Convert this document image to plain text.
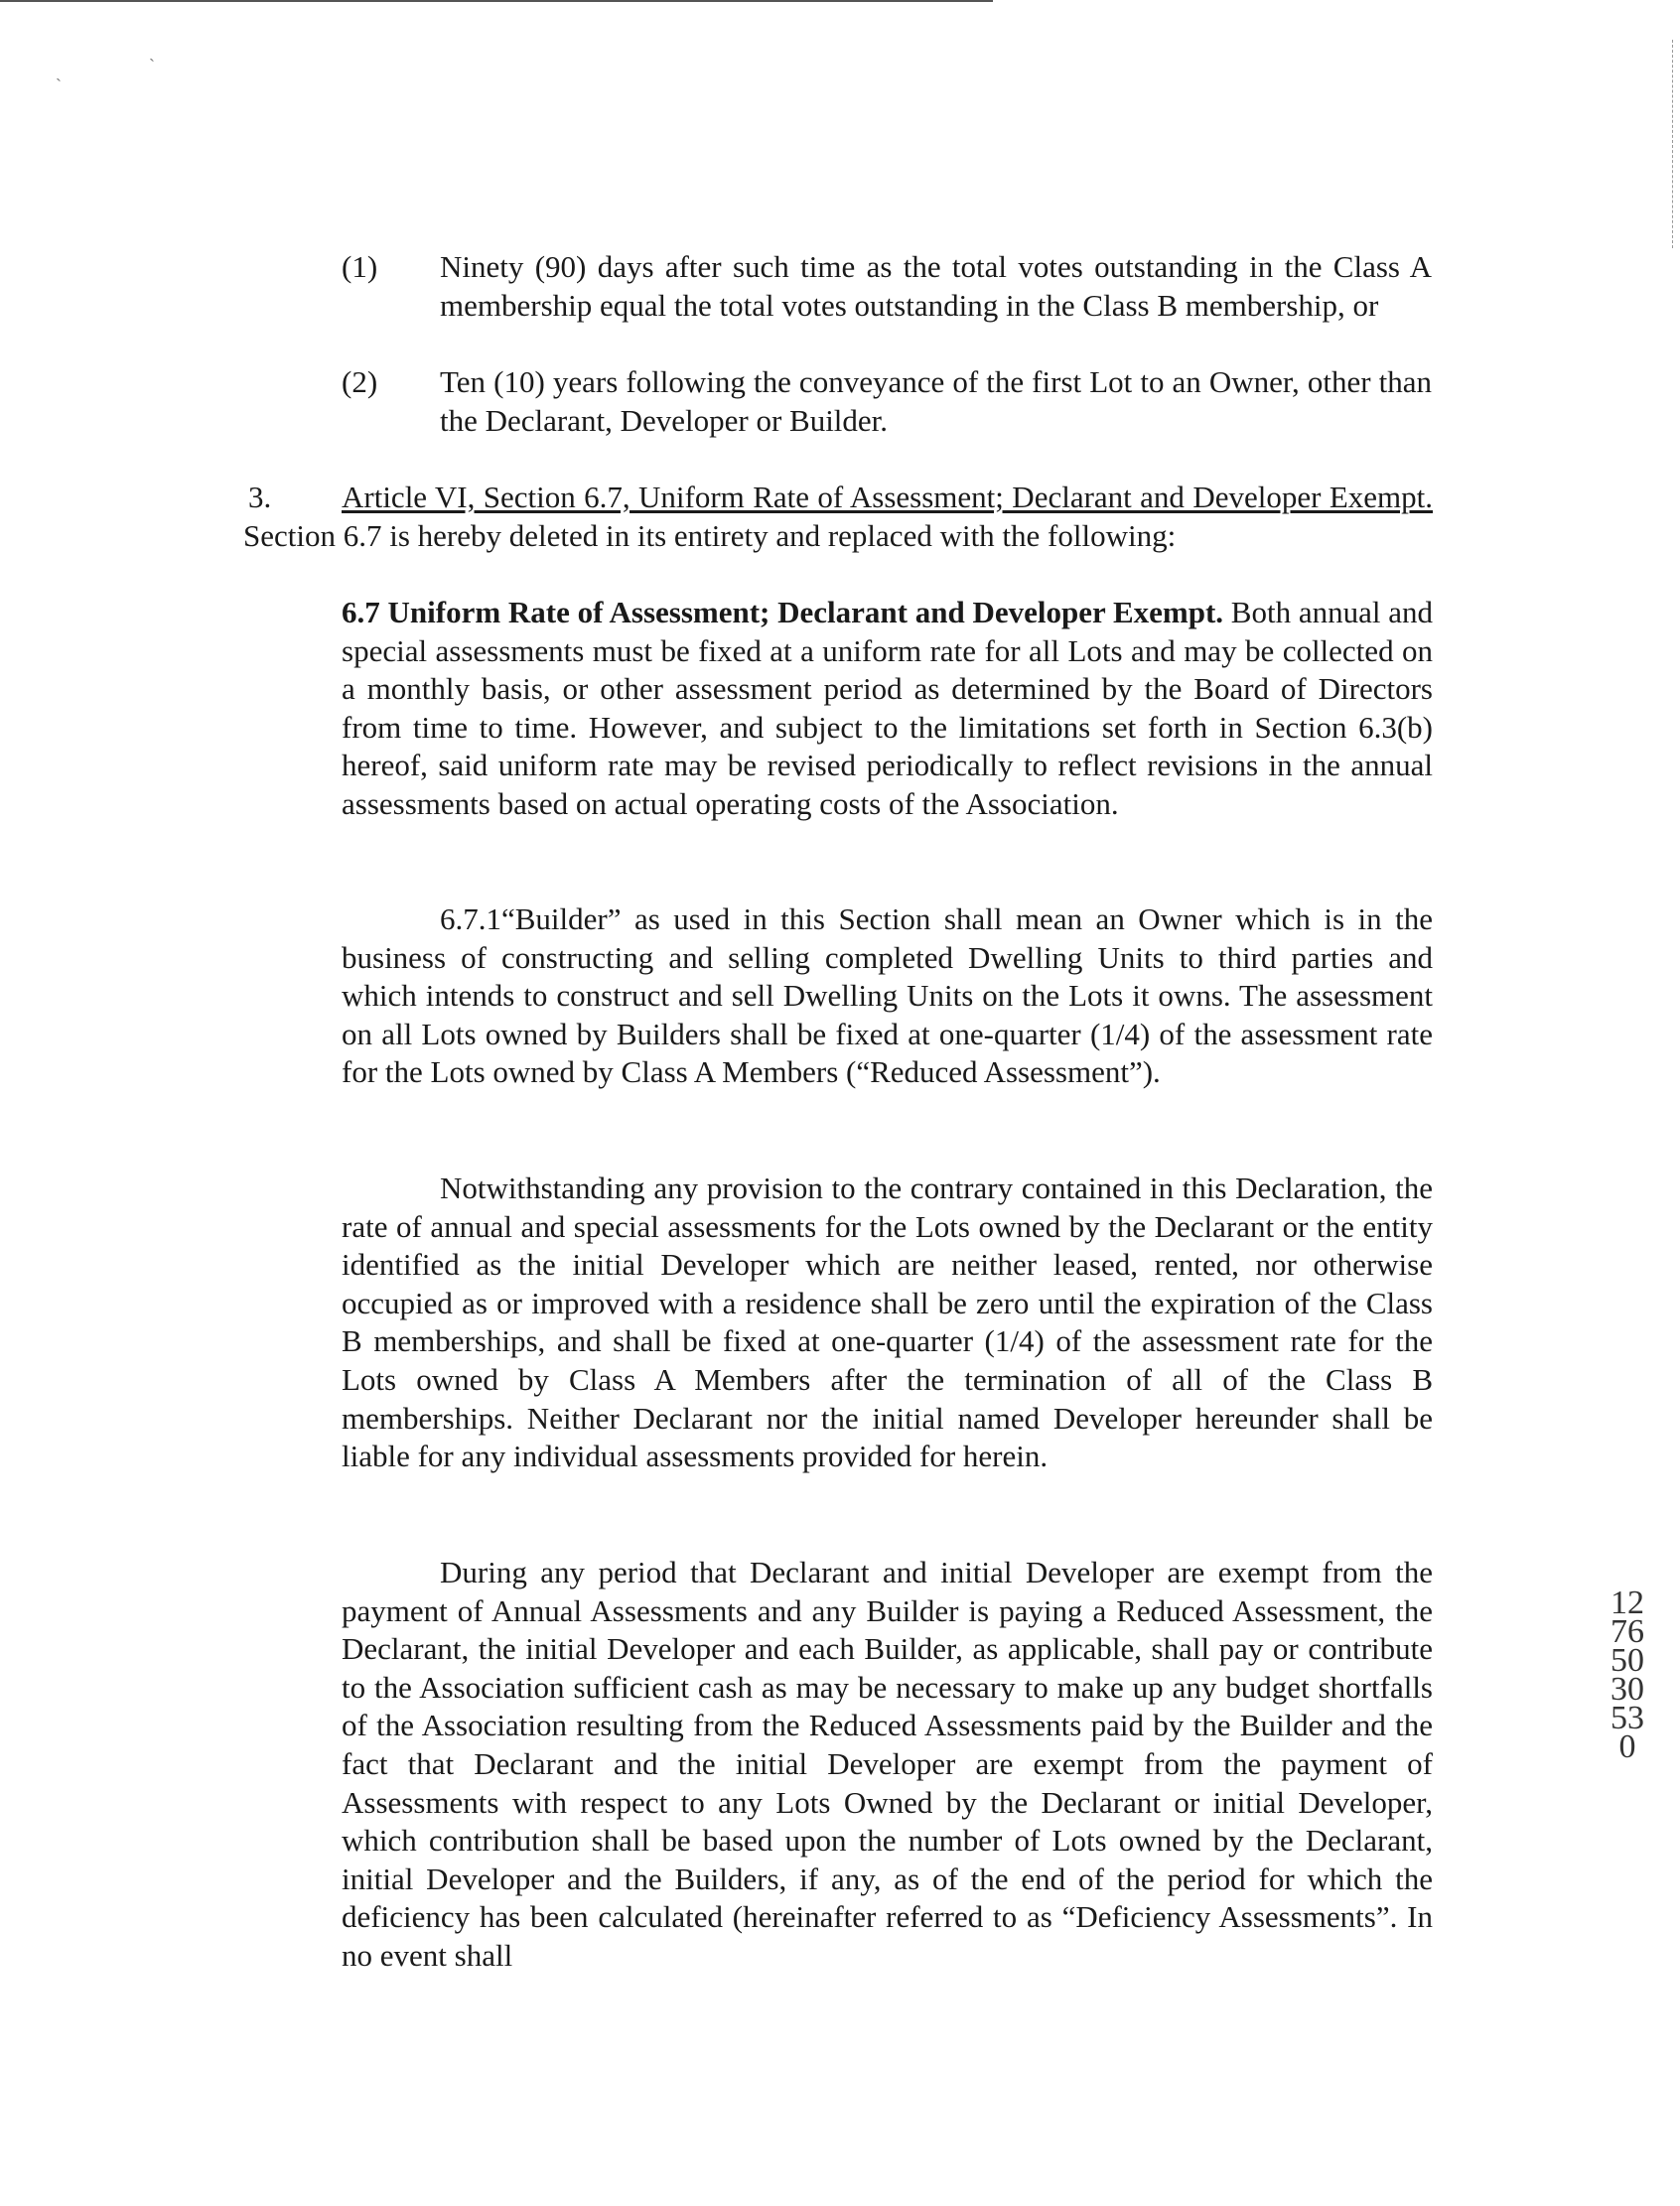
`
`
(1) Ninety (90) days after such time as the total votes outstanding in the Class A membership equal the total votes outstanding in the Class B membership, or

(2) Ten (10) years following the conveyance of the first Lot to an Owner, other than the Declarant, Developer or Builder.

3. Article VI, Section 6.7, Uniform Rate of Assessment; Declarant and Developer Exempt. Section 6.7 is hereby deleted in its entirety and replaced with the following:

6.7 Uniform Rate of Assessment; Declarant and Developer Exempt. Both annual and special assessments must be fixed at a uniform rate for all Lots and may be collected on a monthly basis, or other assessment period as determined by the Board of Directors from time to time. However, and subject to the limitations set forth in Section 6.3(b) hereof, said uniform rate may be revised periodically to reflect revisions in the annual assessments based on actual operating costs of the Association.

6.7.1“Builder” as used in this Section shall mean an Owner which is in the business of constructing and selling completed Dwelling Units to third parties and which intends to construct and sell Dwelling Units on the Lots it owns. The assessment on all Lots owned by Builders shall be fixed at one-quarter (1/4) of the assessment rate for the Lots owned by Class A Members (“Reduced Assessment”).

Notwithstanding any provision to the contrary contained in this Declaration, the rate of annual and special assessments for the Lots owned by the Declarant or the entity identified as the initial Developer which are neither leased, rented, nor otherwise occupied as or improved with a residence shall be zero until the expiration of the Class B memberships, and shall be fixed at one-quarter (1/4) of the assessment rate for the Lots owned by Class A Members after the termination of all of the Class B memberships. Neither Declarant nor the initial named Developer hereunder shall be liable for any individual assessments provided for herein.

During any period that Declarant and initial Developer are exempt from the payment of Annual Assessments and any Builder is paying a Reduced Assessment, the Declarant, the initial Developer and each Builder, as applicable, shall pay or contribute to the Association sufficient cash as may be necessary to make up any budget shortfalls of the Association resulting from the Reduced Assessments paid by the Builder and the fact that Declarant and the initial Developer are exempt from the payment of Assessments with respect to any Lots Owned by the Declarant or initial Developer, which contribution shall be based upon the number of Lots owned by the Declarant, initial Developer and the Builders, if any, as of the end of the period for which the deficiency has been calculated (hereinafter referred to as “Deficiency Assessments”. In no event shall

1276503053 0
